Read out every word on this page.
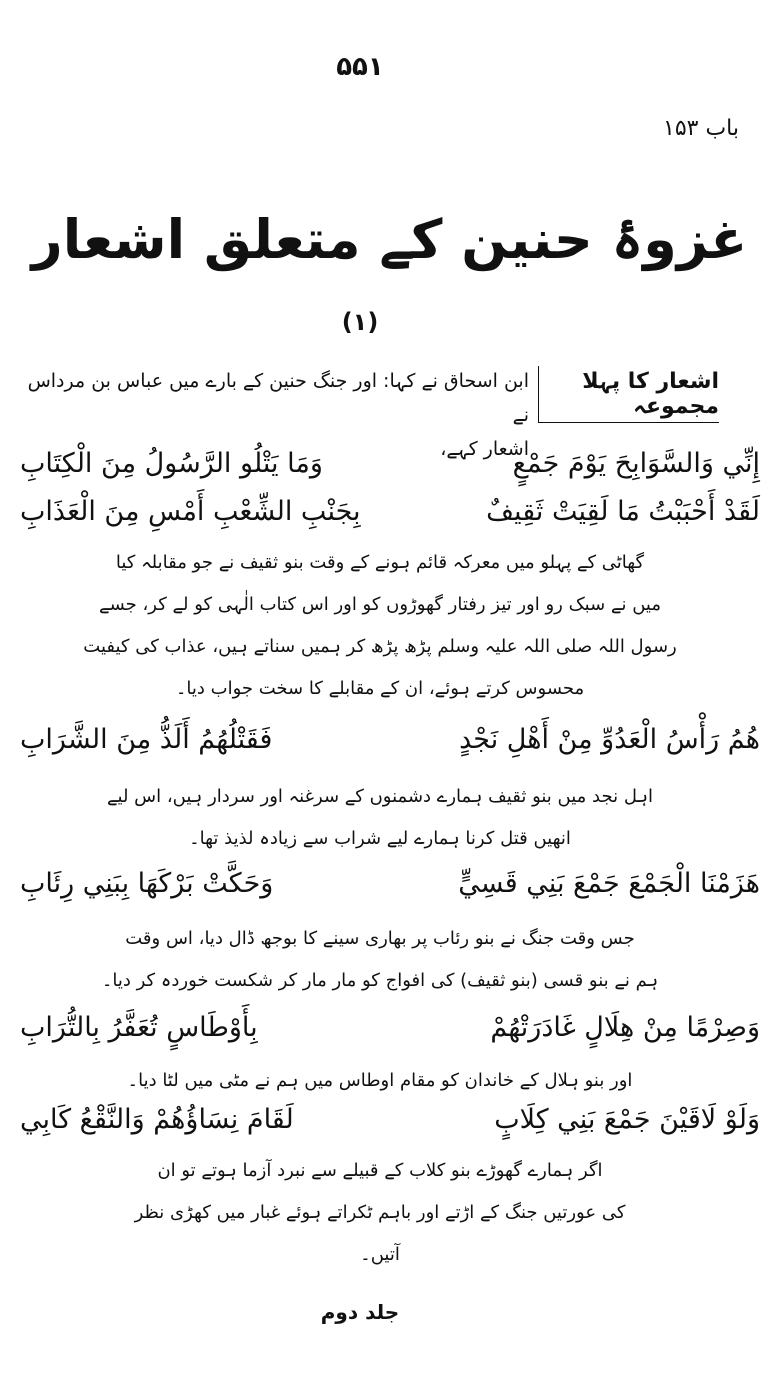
۵۵۱
باب ۱۵۳
غزوۂ حنین کے متعلق اشعار
(۱)
اشعار کا پہلا مجموعہ
ابن اسحاق نے کہا: اور جنگ حنین کے بارے میں عباس بن مرداس نے
اشعار کہے،
إِنِّي وَالسَّوَابِحَ يَوْمَ جَمْعٍ
وَمَا يَتْلُو الرَّسُولُ مِنَ الْكِتَابِ
لَقَدْ أَحْبَبْتُ مَا لَقِيَتْ ثَقِيفٌ
بِجَنْبِ الشِّعْبِ أَمْسِ مِنَ الْعَذَابِ
گھاٹی کے پہلو میں معرکہ قائم ہونے کے وقت بنو ثقیف نے جو مقابلہ کیا
میں نے سبک رو اور تیز رفتار گھوڑوں کو اور اس کتاب الٰہی کو لے کر، جسے
رسول اللہ صلی اللہ علیہ وسلم پڑھ پڑھ کر ہمیں سناتے ہیں، عذاب کی کیفیت
محسوس کرتے ہوئے، ان کے مقابلے کا سخت جواب دیا۔
هُمُ رَأْسُ الْعَدُوِّ مِنْ أَهْلِ نَجْدٍ
فَقَتْلُهُمُ أَلَذُّ مِنَ الشَّرَابِ
اہل نجد میں بنو ثقیف ہمارے دشمنوں کے سرغنہ اور سردار ہیں، اس لیے
انھیں قتل کرنا ہمارے لیے شراب سے زیادہ لذیذ تھا۔
هَزَمْنَا الْجَمْعَ جَمْعَ بَنِي قَسِيٍّ
وَحَكَّتْ بَرْكَهَا بِبَنِي رِئَابِ
جس وقت جنگ نے بنو رئاب پر بھاری سینے کا بوجھ ڈال دیا، اس وقت
ہم نے بنو قسی (بنو ثقیف) کی افواج کو مار مار کر شکست خوردہ کر دیا۔
وَصِرْمًا مِنْ هِلَالٍ غَادَرَتْهُمْ
بِأَوْطَاسٍ تُعَفَّرُ بِالتُّرَابِ
اور بنو ہلال کے خاندان کو مقام اوطاس میں ہم نے مٹی میں لٹا دیا۔
وَلَوْ لَاقَيْنَ جَمْعَ بَنِي كِلَابٍ
لَقَامَ نِسَاؤُهُمْ وَالنَّقْعُ كَابِي
اگر ہمارے گھوڑے بنو کلاب کے قبیلے سے نبرد آزما ہوتے تو ان
کی عورتیں جنگ کے اڑتے اور باہم ٹکراتے ہوئے غبار میں کھڑی نظر
آتیں۔
جلد دوم
